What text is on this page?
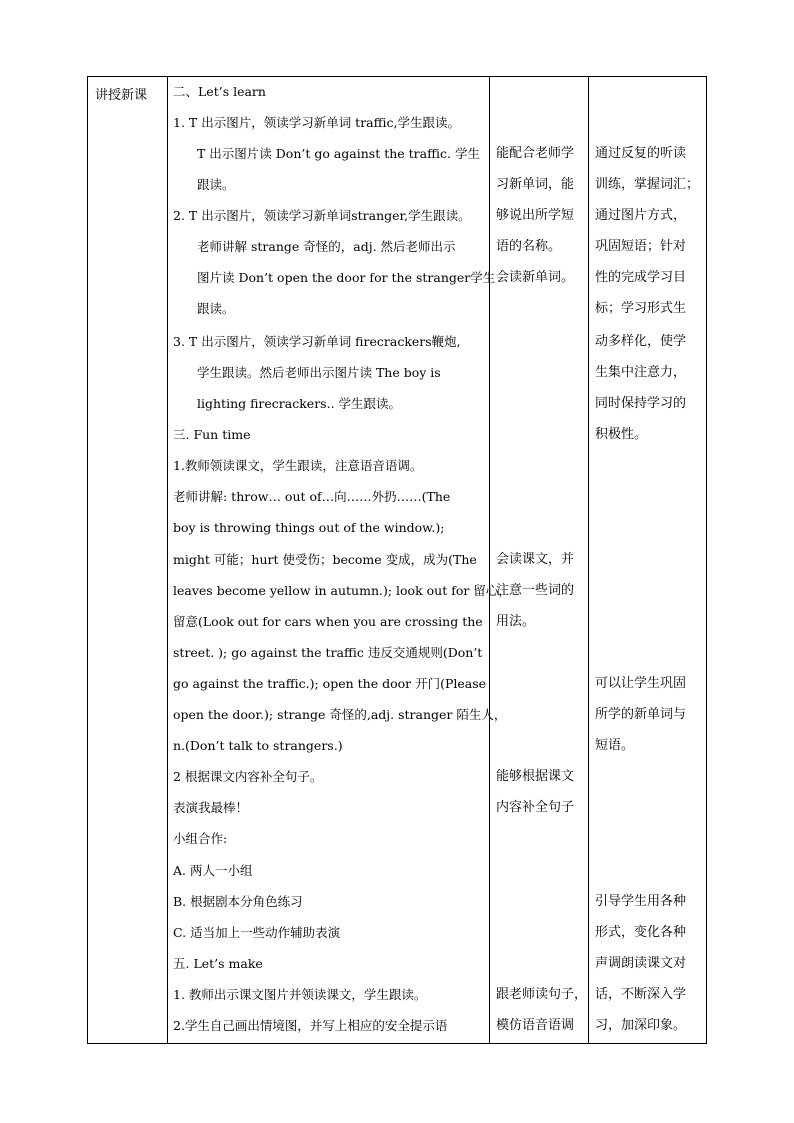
讲授新课 二、Let’s learn
1. T 出示图片，领读学习新单词 traffic,学生跟读。
T 出示图片读 Don’t go against the traffic. 学生
跟读。
2. T 出示图片，领读学习新单词stranger,学生跟读。
老师讲解 strange 奇怪的，adj. 然后老师出示
图片读 Don’t open the door for the stranger学生
跟读。
3. T 出示图片，领读学习新单词 firecrackers鞭炮,
学生跟读。然后老师出示图片读 The boy is
lighting firecrackers.. 学生跟读。
三. Fun time
1.教师领读课文，学生跟读，注意语音语调。
老师讲解: throw… out of…向……外扔……(The
boy is throwing things out of the window.);
might 可能；hurt 使受伤；become 变成，成为(The
leaves become yellow in autumn.); look out for 留心，
留意(Look out for cars when you are crossing the
street. ); go against the traffic 违反交通规则(Don’t
go against the traffic.); open the door 开门(Please
open the door.); strange 奇怪的,adj. stranger 陌生人，
n.(Don’t talk to strangers.)
2 根据课文内容补全句子。
表演我最棒！
小组合作:
A. 两人一小组
B. 根据剧本分角色练习
C. 适当加上一些动作辅助表演
五. Let’s make
1. 教师出示课文图片并领读课文，学生跟读。
2.学生自己画出情境图，并写上相应的安全提示语
能配合老师学
习新单词，能
够说出所学短
语的名称。
会读新单词。
会读课文，并
注意一些词的
用法。
能够根据课文
内容补全句子
跟老师读句子，
模仿语音语调
通过反复的听读
训练，掌握词汇；
通过图片方式，
巩固短语；针对
性的完成学习目
标；学习形式生
动多样化，使学
生集中注意力，
同时保持学习的
积极性。
可以让学生巩固
所学的新单词与
短语。
引导学生用各种
形式，变化各种
声调朗读课文对
话，不断深入学
习，加深印象。
